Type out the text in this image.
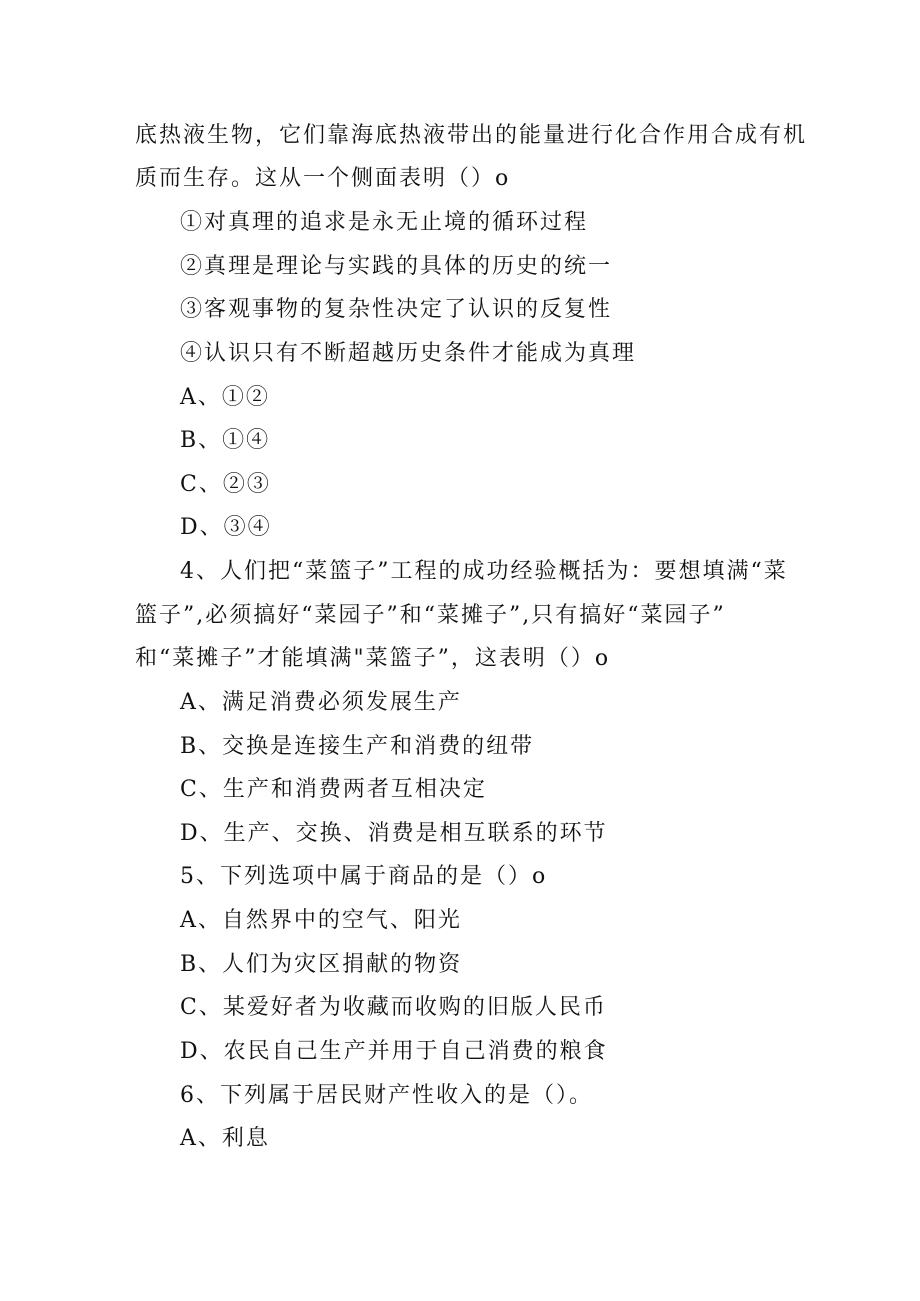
底热液生物，它们靠海底热液带出的能量进行化合作用合成有机
质而生存。这从一个侧面表明（）o
①对真理的追求是永无止境的循环过程
②真理是理论与实践的具体的历史的统一
③客观事物的复杂性决定了认识的反复性
④认识只有不断超越历史条件才能成为真理
A、①②
B、①④
C、②③
D、③④
4、人们把“菜篮子”工程的成功经验概括为：要想填满“菜
篮子”,必须搞好“菜园子”和“菜摊子”,只有搞好“菜园子”
和“菜摊子”才能填满"菜篮子”，这表明（）o
A、满足消费必须发展生产
B、交换是连接生产和消费的纽带
C、生产和消费两者互相决定
D、生产、交换、消费是相互联系的环节
5、下列选项中属于商品的是（）o
A、自然界中的空气、阳光
B、人们为灾区捐献的物资
C、某爱好者为收藏而收购的旧版人民币
D、农民自己生产并用于自己消费的粮食
6、下列属于居民财产性收入的是（）。
A、利息
